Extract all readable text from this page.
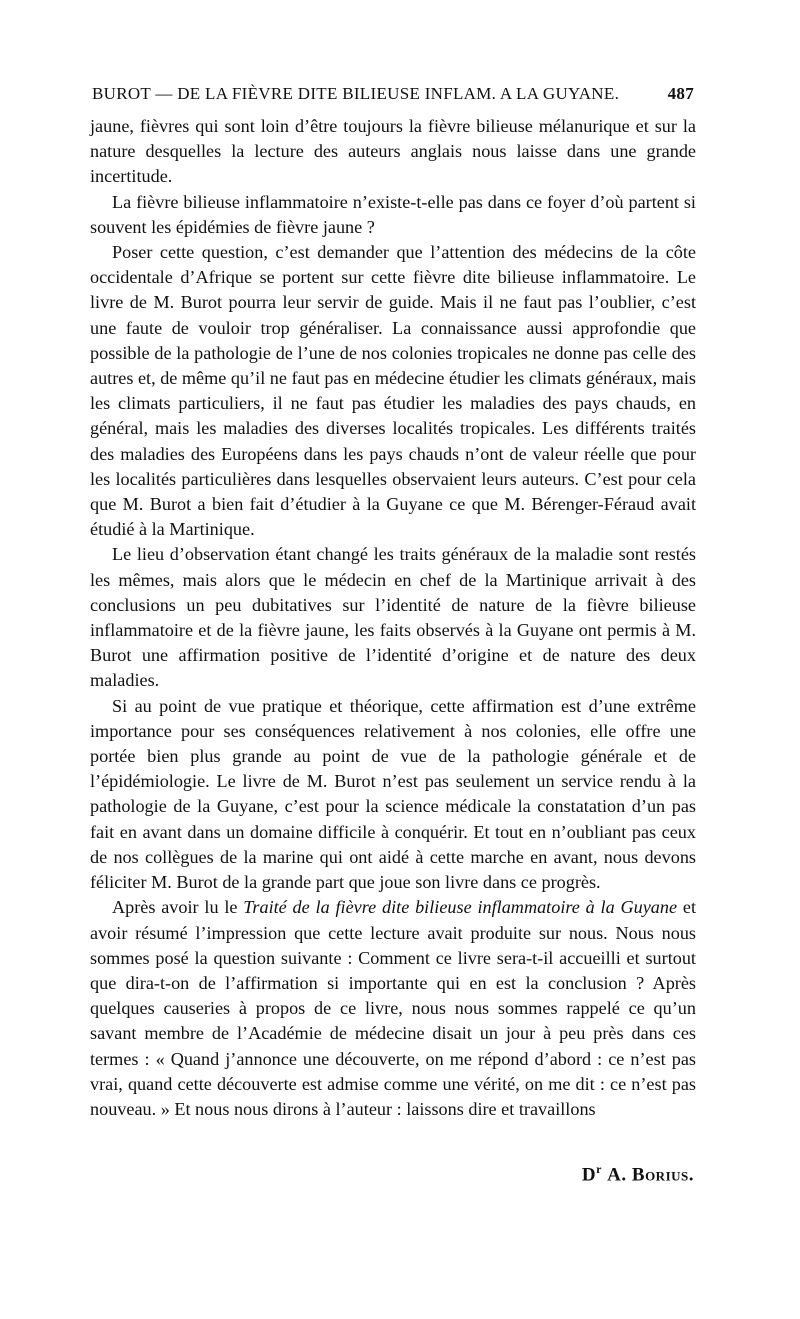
BUROT — DE LA FIÈVRE DITE BILIEUSE INFLAM. A LA GUYANE.	487

jaune, fièvres qui sont loin d’être toujours la fièvre bilieuse mélanurique et sur la nature desquelles la lecture des auteurs anglais nous laisse dans une grande incertitude.

La fièvre bilieuse inflammatoire n’existe-t-elle pas dans ce foyer d’où partent si souvent les épidémies de fièvre jaune ?

Poser cette question, c’est demander que l’attention des médecins de la côte occidentale d’Afrique se portent sur cette fièvre dite bilieuse inflammatoire. Le livre de M. Burot pourra leur servir de guide. Mais il ne faut pas l’oublier, c’est une faute de vouloir trop généraliser. La connaissance aussi approfondie que possible de la pathologie de l’une de nos colonies tropicales ne donne pas celle des autres et, de même qu’il ne faut pas en médecine étudier les climats généraux, mais les climats particuliers, il ne faut pas étudier les maladies des pays chauds, en général, mais les maladies des diverses localités tropicales. Les différents traités des maladies des Européens dans les pays chauds n’ont de valeur réelle que pour les localités particulières dans lesquelles observaient leurs auteurs. C’est pour cela que M. Burot a bien fait d’étudier à la Guyane ce que M. Bérenger-Féraud avait étudié à la Martinique.

Le lieu d’observation étant changé les traits généraux de la maladie sont restés les mêmes, mais alors que le médecin en chef de la Martinique arrivait à des conclusions un peu dubitatives sur l’identité de nature de la fièvre bilieuse inflammatoire et de la fièvre jaune, les faits observés à la Guyane ont permis à M. Burot une affirmation positive de l’identité d’origine et de nature des deux maladies.

Si au point de vue pratique et théorique, cette affirmation est d’une extrême importance pour ses conséquences relativement à nos colonies, elle offre une portée bien plus grande au point de vue de la pathologie générale et de l’épidémiologie. Le livre de M. Burot n’est pas seulement un service rendu à la pathologie de la Guyane, c’est pour la science médicale la constatation d’un pas fait en avant dans un domaine difficile à conquérir. Et tout en n’oubliant pas ceux de nos collègues de la marine qui ont aidé à cette marche en avant, nous devons féliciter M. Burot de la grande part que joue son livre dans ce progrès.

Après avoir lu le Traité de la fièvre dite bilieuse inflammatoire à la Guyane et avoir résumé l’impression que cette lecture avait produite sur nous. Nous nous sommes posé la question suivante : Comment ce livre sera-t-il accueilli et surtout que dira-t-on de l’affirmation si importante qui en est la conclusion ? Après quelques causeries à propos de ce livre, nous nous sommes rappelé ce qu’un savant membre de l’Académie de médecine disait un jour à peu près dans ces termes : « Quand j’annonce une découverte, on me répond d’abord : ce n’est pas vrai, quand cette découverte est admise comme une vérité, on me dit : ce n’est pas nouveau. » Et nous nous dirons à l’auteur : laissons dire et travaillons

$D^r$ A. Borius.
